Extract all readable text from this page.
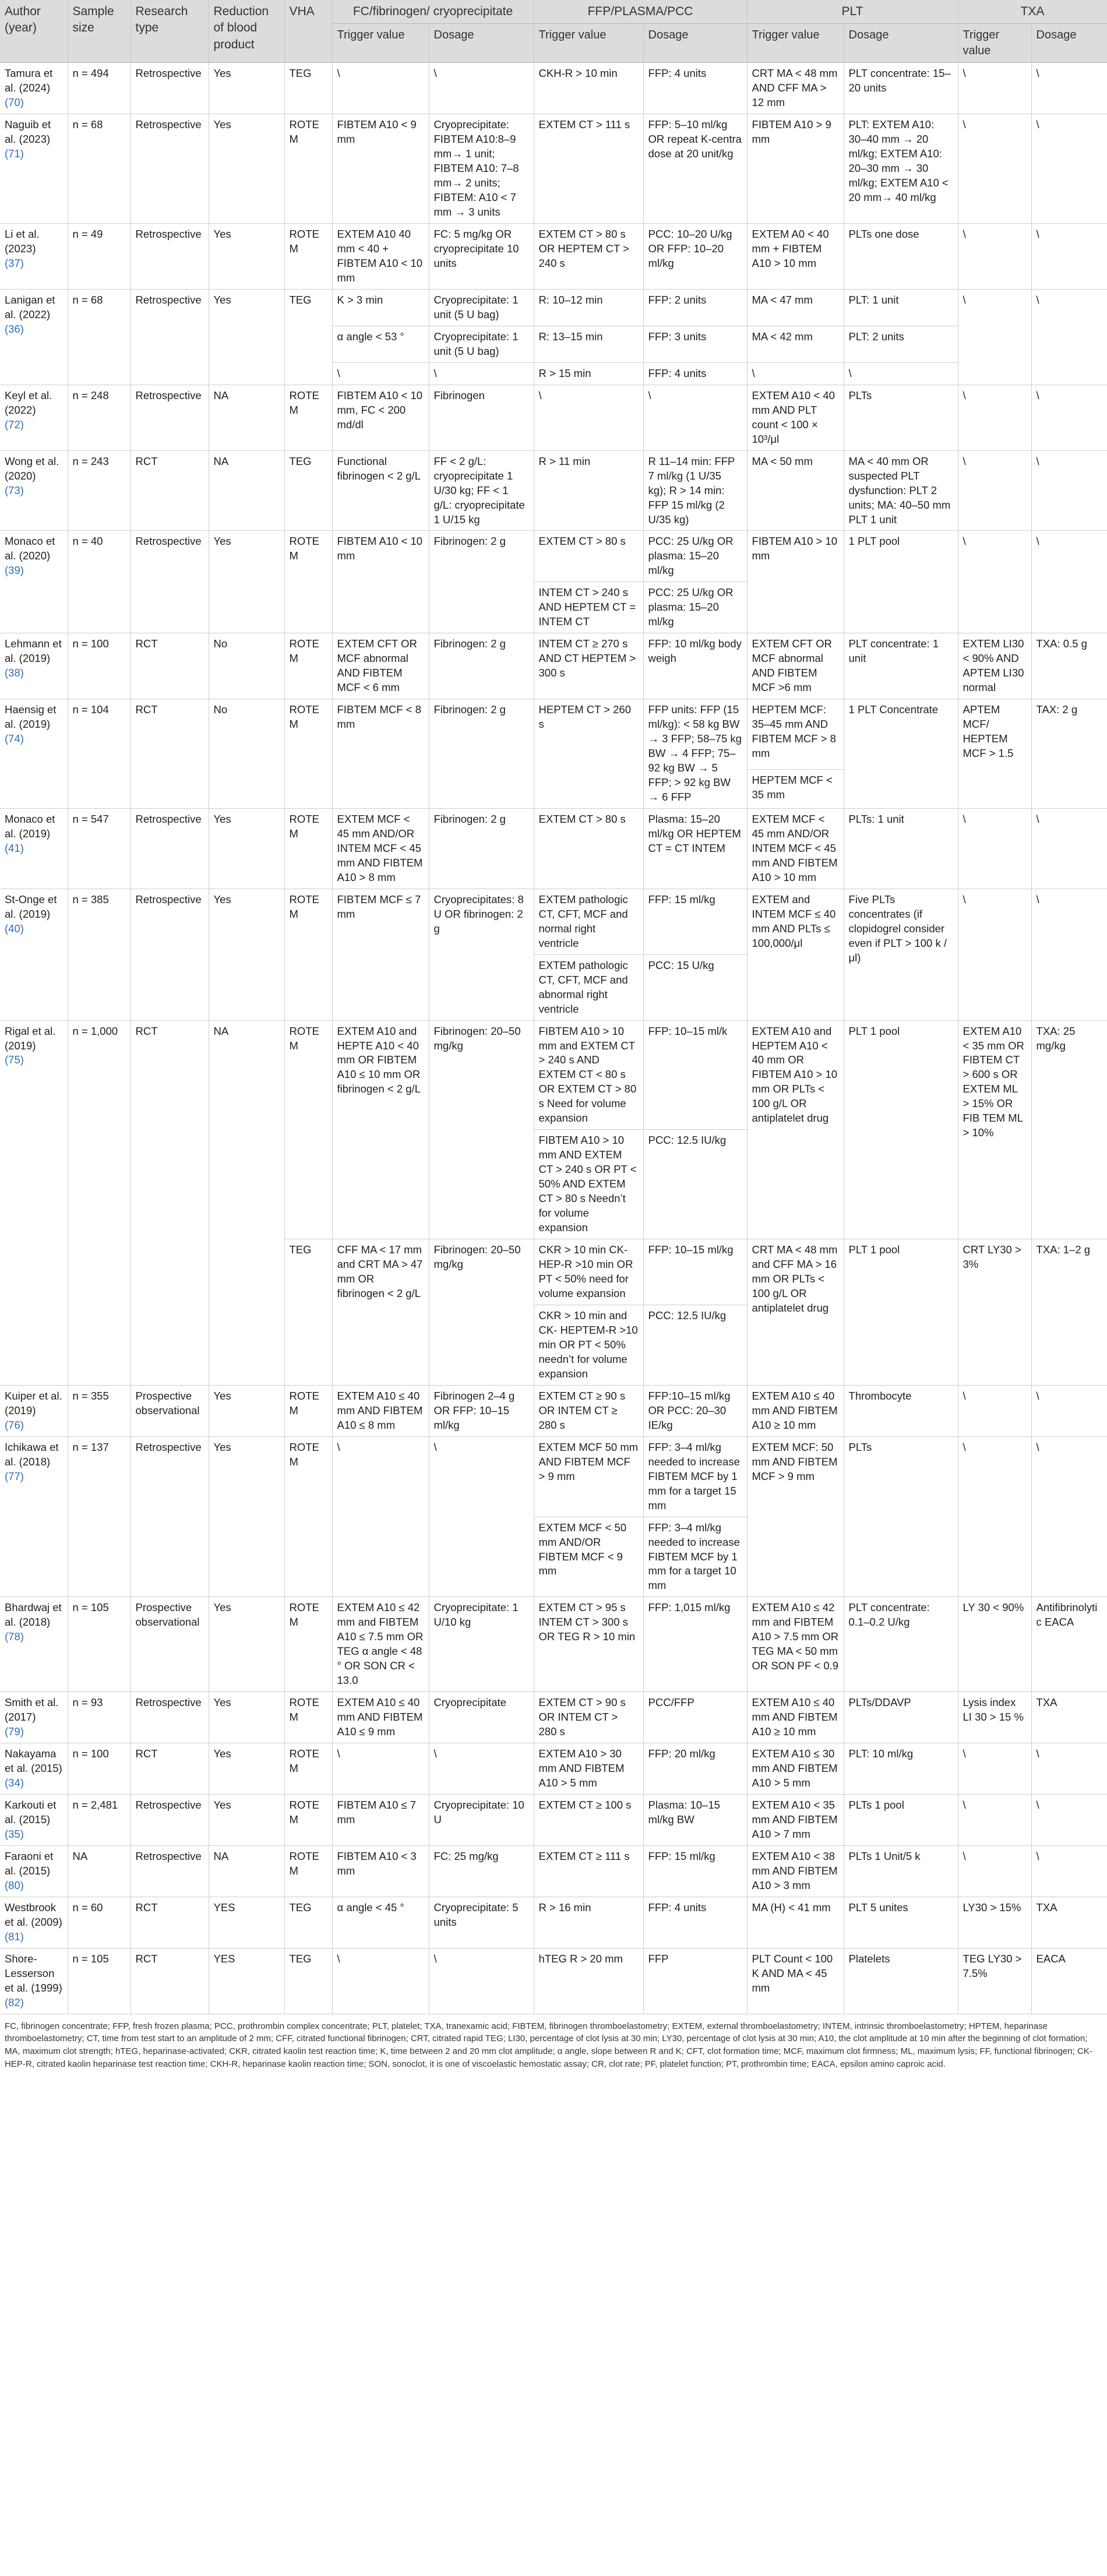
Author (year)	Sample size	Research type	Reduction of blood product	VHA	FC/fibrinogen/ cryoprecipitate		FFP/PLASMA/PCC		PLT		TXA	
					Trigger value	Dosage	Trigger value	Dosage	Trigger value	Dosage	Trigger value	Dosage
Tamura et al. (2024)
(70)	n = 494	Retrospective	Yes	TEG	\	\	CKH-R > 10 min	FFP: 4 units	CRT MA < 48 mm AND CFF MA > 12 mm	PLT concentrate: 15–20 units	\	\
Naguib et al. (2023)
(71)	n = 68	Retrospective	Yes	ROTEM	FIBTEM A10 < 9 mm	Cryoprecipitate: FIBTEM A10:8–9 mm→ 1 unit; FIBTEM A10: 7–8 mm→ 2 units; FIBTEM: A10 < 7 mm → 3 units	EXTEM CT > 111 s	FFP: 5–10 ml/kg OR repeat K-centra dose at 20 unit/kg	FIBTEM A10 > 9 mm	PLT: EXTEM A10: 30–40 mm → 20 ml/kg; EXTEM A10: 20–30 mm → 30 ml/kg; EXTEM A10 < 20 mm→ 40 ml/kg	\	\
Li et al. (2023)
(37)	n = 49	Retrospective	Yes	ROTEM	EXTEM A10 40 mm < 40 + FIBTEM A10 < 10 mm	FC: 5 mg/kg OR cryoprecipitate 10 units	EXTEM CT > 80 s OR HEPTEM CT > 240 s	PCC: 10–20 U/kg OR FFP: 10–20 ml/kg	EXTEM A0 < 40 mm + FIBTEM A10 > 10 mm	PLTs one dose	\	\
Lanigan et al. (2022)
(36)	n = 68	Retrospective	Yes	TEG	K > 3 min	Cryoprecipitate: 1 unit (5 U bag)	R: 10–12 min	FFP: 2 units	MA < 47 mm	PLT: 1 unit	\	\
					α angle < 53 °	Cryoprecipitate: 1 unit (5 U bag)	R: 13–15 min	FFP: 3 units	MA < 42 mm	PLT: 2 units		
					\	\	R > 15 min	FFP: 4 units	\	\		
Keyl et al. (2022)
(72)	n = 248	Retrospective	NA	ROTEM	FIBTEM A10 < 10 mm, FC < 200 md/dl	Fibrinogen	\	\	EXTEM A10 < 40 mm AND PLT count < 100 × 10³/μl	PLTs	\	\
Wong et al. (2020)
(73)	n = 243	RCT	NA	TEG	Functional fibrinogen < 2 g/L	FF < 2 g/L: cryoprecipitate 1 U/30 kg; FF < 1 g/L: cryoprecipitate 1 U/15 kg	R > 11 min	R 11–14 min: FFP 7 ml/kg (1 U/35 kg); R > 14 min: FFP 15 ml/kg (2 U/35 kg)	MA < 50 mm	MA < 40 mm OR suspected PLT dysfunction: PLT 2 units; MA: 40–50 mm PLT 1 unit	\	\
Monaco et al. (2020)
(39)	n = 40	Retrospective	Yes	ROTEM	FIBTEM A10 < 10 mm	Fibrinogen: 2 g	EXTEM CT > 80 s	PCC: 25 U/kg OR plasma: 15–20 ml/kg	FIBTEM A10 > 10 mm	1 PLT pool	\	\
							INTEM CT > 240 s AND HEPTEM CT = INTEM CT	PCC: 25 U/kg OR plasma: 15–20 ml/kg				
Lehmann et al. (2019)
(38)	n = 100	RCT	No	ROTEM	EXTEM CFT OR MCF abnormal AND FIBTEM MCF < 6 mm	Fibrinogen: 2 g	INTEM CT ≥ 270 s AND CT HEPTEM > 300 s	FFP: 10 ml/kg body weigh	EXTEM CFT OR MCF abnormal AND FIBTEM MCF >6 mm	PLT concentrate: 1 unit	EXTEM LI30 < 90% AND APTEM LI30 normal	TXA: 0.5 g
Haensig et al. (2019)
(74)	n = 104	RCT	No	ROTEM	FIBTEM MCF < 8 mm	Fibrinogen: 2 g	HEPTEM CT > 260 s	FFP units: FFP (15 ml/kg): < 58 kg BW → 3 FFP; 58–75 kg BW → 4 FFP; 75–92 kg BW → 5 FFP; > 92 kg BW → 6 FFP	HEPTEM MCF: 35–45 mm AND FIBTEM MCF > 8 mm	1 PLT Concentrate	APTEM MCF/ HEPTEM MCF > 1.5	TAX: 2 g
									HEPTEM MCF < 35 mm			
Monaco et al. (2019)
(41)	n = 547	Retrospective	Yes	ROTEM	EXTEM MCF < 45 mm AND/OR INTEM MCF < 45 mm AND FIBTEM A10 > 8 mm	Fibrinogen: 2 g	EXTEM CT > 80 s	Plasma: 15–20 ml/kg OR HEPTEM CT = CT INTEM	EXTEM MCF < 45 mm AND/OR INTEM MCF < 45 mm AND FIBTEM A10 > 10 mm	PLTs: 1 unit	\	\
St-Onge et al. (2019)
(40)	n = 385	Retrospective	Yes	ROTEM	FIBTEM MCF ≤ 7 mm	Cryoprecipitates: 8 U OR fibrinogen: 2 g	EXTEM pathologic CT, CFT, MCF and normal right ventricle	FFP: 15 ml/kg	EXTEM and INTEM MCF ≤ 40 mm AND PLTs ≤ 100,000/μl	Five PLTs concentrates (if clopidogrel consider even if PLT > 100 k /μl)	\	\
							EXTEM pathologic CT, CFT, MCF and abnormal right ventricle	PCC: 15 U/kg				
Rigal et al. (2019)
(75)	n = 1,000	RCT	NA	ROTEM	EXTEM A10 and HEPTE A10 < 40 mm OR FIBTEM A10 ≤ 10 mm OR fibrinogen < 2 g/L	Fibrinogen: 20–50 mg/kg	FIBTEM A10 > 10 mm and EXTEM CT > 240 s AND EXTEM CT < 80 s OR EXTEM CT > 80 s Need for volume expansion	FFP: 10–15 ml/k	EXTEM A10 and HEPTEM A10 < 40 mm OR FIBTEM A10 > 10 mm OR PLTs < 100 g/L OR antiplatelet drug	PLT 1 pool	EXTEM A10 < 35 mm OR FIBTEM CT > 600 s OR EXTEM ML > 15% OR FIB TEM ML > 10%	TXA: 25 mg/kg
							FIBTEM A10 > 10 mm AND EXTEM CT > 240 s OR PT < 50% AND EXTEM CT > 80 s Needn’t for volume expansion	PCC: 12.5 IU/kg				
				TEG	CFF MA < 17 mm and CRT MA > 47 mm OR fibrinogen < 2 g/L	Fibrinogen: 20–50 mg/kg	CKR > 10 min CK-HEP-R >10 min OR PT < 50% need for volume expansion	FFP: 10–15 ml/kg	CRT MA < 48 mm and CFF MA > 16 mm OR PLTs < 100 g/L OR antiplatelet drug	PLT 1 pool	CRT LY30 > 3%	TXA: 1–2 g
							CKR > 10 min and CK- HEPTEM-R >10 min OR PT < 50% needn’t for volume expansion	PCC: 12.5 IU/kg				
Kuiper et al. (2019)
(76)	n = 355	Prospective observational	Yes	ROTEM	EXTEM A10 ≤ 40 mm AND FIBTEM A10 ≤ 8 mm	Fibrinogen 2–4 g OR FFP: 10–15 ml/kg	EXTEM CT ≥ 90 s OR INTEM CT ≥ 280 s	FFP:10–15 ml/kg OR PCC: 20–30 IE/kg	EXTEM A10 ≤ 40 mm AND FIBTEM A10 ≥ 10 mm	Thrombocyte	\	\
Ichikawa et al. (2018)
(77)	n = 137	Retrospective	Yes	ROTEM	\	\	EXTEM MCF 50 mm AND FIBTEM MCF > 9 mm	FFP: 3–4 ml/kg needed to increase FIBTEM MCF by 1 mm for a target 15 mm	EXTEM MCF: 50 mm AND FIBTEM MCF > 9 mm	PLTs	\	\
							EXTEM MCF < 50 mm AND/OR FIBTEM MCF < 9 mm	FFP: 3–4 ml/kg needed to increase FIBTEM MCF by 1 mm for a target 10 mm				
Bhardwaj et al. (2018)
(78)	n = 105	Prospective observational	Yes	ROTEM	EXTEM A10 ≤ 42 mm and FIBTEM A10 ≤ 7.5 mm OR TEG α angle < 48 ° OR SON CR < 13.0	Cryoprecipitate: 1 U/10 kg	EXTEM CT > 95 s INTEM CT > 300 s OR TEG R > 10 min	FFP: 1,015 ml/kg	EXTEM A10 ≤ 42 mm and FIBTEM A10 > 7.5 mm OR TEG MA < 50 mm OR SON PF < 0.9	PLT concentrate: 0.1–0.2 U/kg	LY 30 < 90%	Antifibrinolytic EACA
Smith et al. (2017)
(79)	n = 93	Retrospective	Yes	ROTEM	EXTEM A10 ≤ 40 mm AND FIBTEM A10 ≤ 9 mm	Cryoprecipitate	EXTEM CT > 90 s OR INTEM CT > 280 s	PCC/FFP	EXTEM A10 ≤ 40 mm AND FIBTEM A10 ≥ 10 mm	PLTs/DDAVP	Lysis index LI 30 > 15 %	TXA
Nakayama et al. (2015)
(34)	n = 100	RCT	Yes	ROTEM	\	\	EXTEM A10 > 30 mm AND FIBTEM A10 > 5 mm	FFP: 20 ml/kg	EXTEM A10 ≤ 30 mm AND FIBTEM A10 > 5 mm	PLT: 10 ml/kg	\	\
Karkouti et al. (2015)
(35)	n = 2,481	Retrospective	Yes	ROTEM	FIBTEM A10 ≤ 7 mm	Cryoprecipitate: 10 U	EXTEM CT ≥ 100 s	Plasma: 10–15 ml/kg BW	EXTEM A10 < 35 mm AND FIBTEM A10 > 7 mm	PLTs 1 pool	\	\
Faraoni et al. (2015)
(80)	NA	Retrospective	NA	ROTEM	FIBTEM A10 < 3 mm	FC: 25 mg/kg	EXTEM CT ≥ 111 s	FFP: 15 ml/kg	EXTEM A10 < 38 mm AND FIBTEM A10 > 3 mm	PLTs 1 Unit/5 k	\	\
Westbrook et al. (2009)
(81)	n = 60	RCT	YES	TEG	α angle < 45 °	Cryoprecipitate: 5 units	R > 16 min	FFP: 4 units	MA (H) < 41 mm	PLT 5 unites	LY30 > 15%	TXA
Shore-Lesserson et al. (1999)
(82)	n = 105	RCT	YES	TEG	\	\	hTEG R > 20 mm	FFP	PLT Count < 100 K AND MA < 45 mm	Platelets	TEG LY30 > 7.5%	EACA
FC, fibrinogen concentrate; FFP, fresh frozen plasma; PCC, prothrombin complex concentrate; PLT, platelet; TXA, tranexamic acid; FIBTEM, fibrinogen thromboelastometry; EXTEM, external thromboelastometry; INTEM, intrinsic thromboelastometry; HPTEM, heparinase thromboelastometry; CT, time from test start to an amplitude of 2 mm; CFF, citrated functional fibrinogen; CRT, citrated rapid TEG; LI30, percentage of clot lysis at 30 min; LY30, percentage of clot lysis at 30 min; A10, the clot amplitude at 10 min after the beginning of clot formation; MA, maximum clot strength; hTEG, heparinase-activated; CKR, citrated kaolin test reaction time; K, time between 2 and 20 mm clot amplitude; α angle, slope between R and K; CFT, clot formation time; MCF, maximum clot firmness; ML, maximum lysis; FF, functional fibrinogen; CK-HEP-R, citrated kaolin heparinase test reaction time; CKH-R, heparinase kaolin reaction time; SON, sonoclot, it is one of viscoelastic hemostatic assay; CR, clot rate; PF, platelet function; PT, prothrombin time; EACA, epsilon amino caproic acid.
